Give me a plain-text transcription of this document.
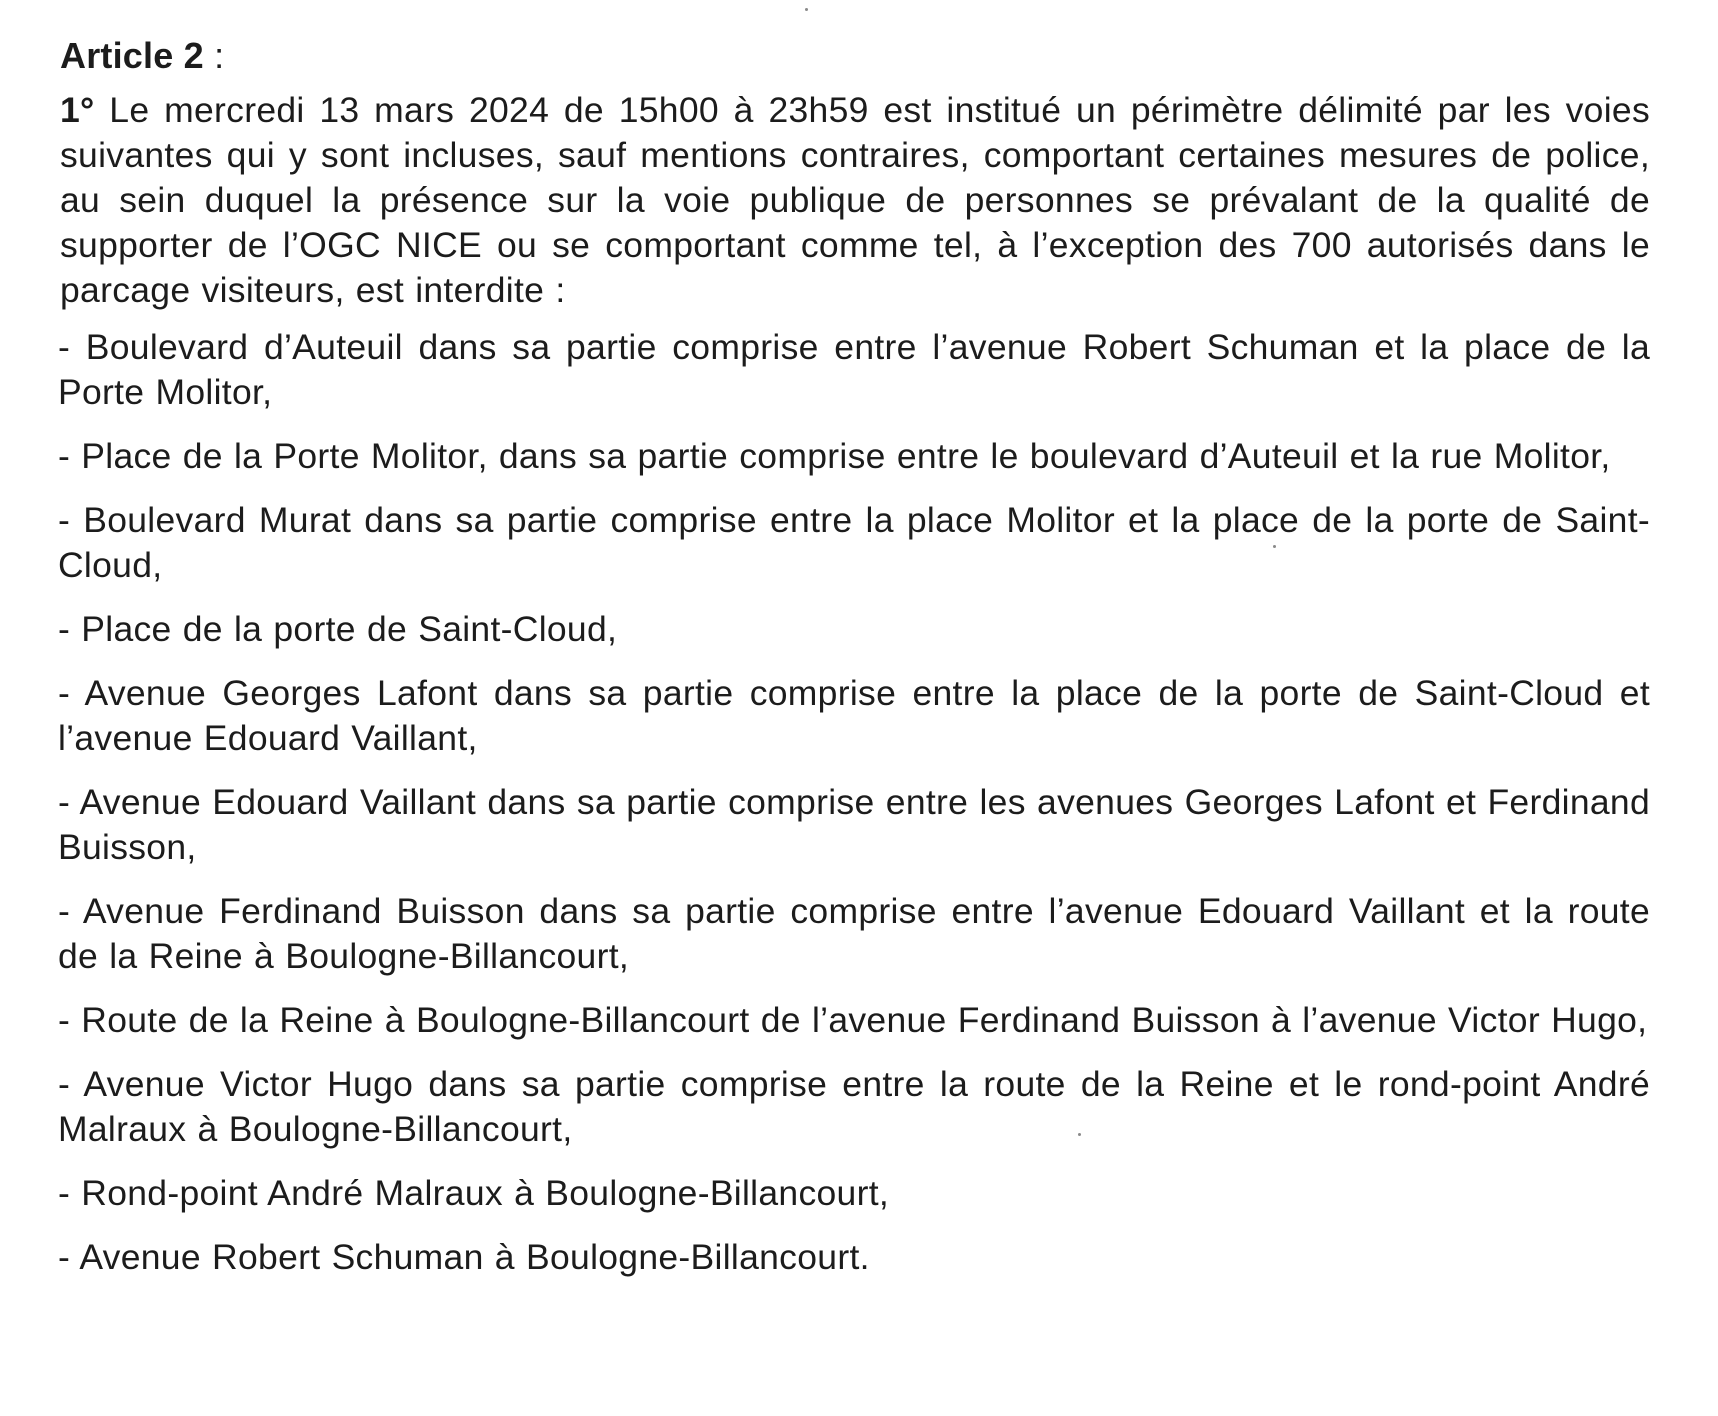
Article 2 :

1° Le mercredi 13 mars 2024 de 15h00 à 23h59 est institué un périmètre délimité par les voies suivantes qui y sont incluses, sauf mentions contraires, comportant certaines mesures de police, au sein duquel la présence sur la voie publique de personnes se prévalant de la qualité de supporter de l’OGC NICE ou se comportant comme tel, à l’exception des 700 autorisés dans le parcage visiteurs, est interdite :

- Boulevard d’Auteuil dans sa partie comprise entre l’avenue Robert Schuman et la place de la Porte Molitor,
- Place de la Porte Molitor, dans sa partie comprise entre le boulevard d’Auteuil et la rue Molitor,
- Boulevard Murat dans sa partie comprise entre la place Molitor et la place de la porte de Saint-Cloud,
- Place de la porte de Saint-Cloud,
- Avenue Georges Lafont dans sa partie comprise entre la place de la porte de Saint-Cloud et l’avenue Edouard Vaillant,
- Avenue Edouard Vaillant dans sa partie comprise entre les avenues Georges Lafont et Ferdinand Buisson,
- Avenue Ferdinand Buisson dans sa partie comprise entre l’avenue Edouard Vaillant et la route de la Reine à Boulogne-Billancourt,
- Route de la Reine à Boulogne-Billancourt de l’avenue Ferdinand Buisson à l’avenue Victor Hugo,
- Avenue Victor Hugo dans sa partie comprise entre la route de la Reine et le rond-point André Malraux à Boulogne-Billancourt,
- Rond-point André Malraux à Boulogne-Billancourt,
- Avenue Robert Schuman à Boulogne-Billancourt.
